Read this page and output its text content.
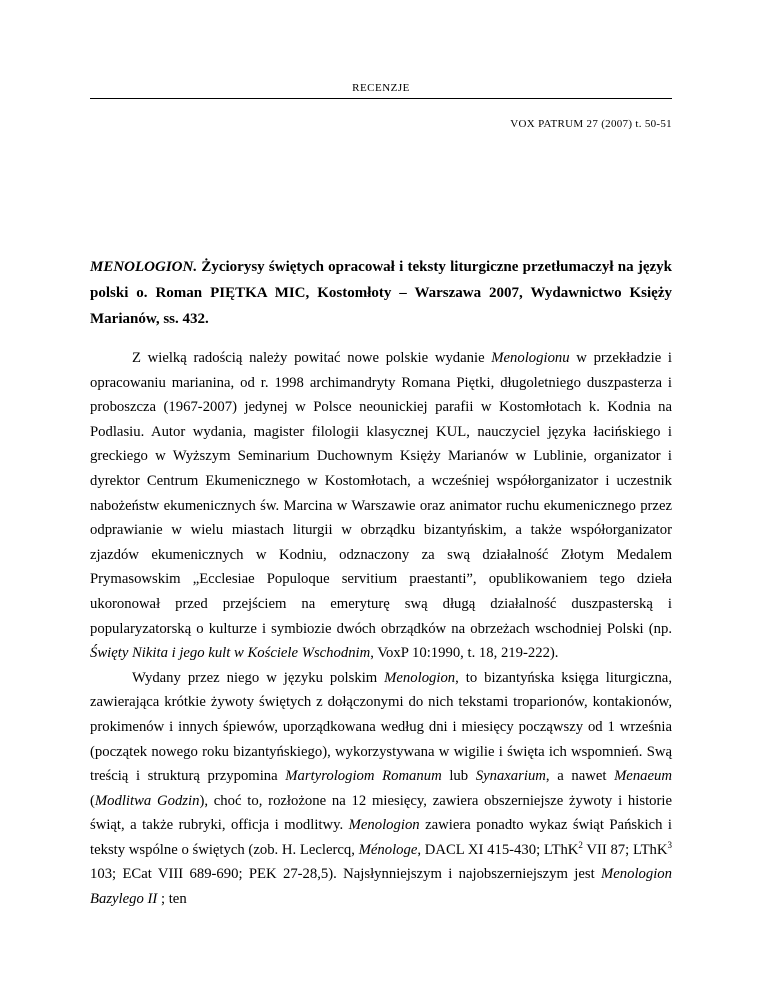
RECENZJE
VOX PATRUM 27 (2007) t. 50-51
MENOLOGION. Życiorysy świętych opracował i teksty liturgiczne przetłumaczył na język polski o. Roman PIĘTKA MIC, Kostomłoty – Warszawa 2007, Wydawnictwo Księży Marianów, ss. 432.

Z wielką radością należy powitać nowe polskie wydanie Menologionu w przekładzie i opracowaniu marianina, od r. 1998 archimandryty Romana Piętki, długoletniego duszpasterza i proboszcza (1967-2007) jedynej w Polsce neounickiej parafii w Kostomłotach k. Kodnia na Podlasiu. Autor wydania, magister filologii klasycznej KUL, nauczyciel języka łacińskiego i greckiego w Wyższym Seminarium Duchownym Księży Marianów w Lublinie, organizator i dyrektor Centrum Ekumenicznego w Kostomłotach, a wcześniej współorganizator i uczestnik nabożeństw ekumenicznych św. Marcina w Warszawie oraz animator ruchu ekumenicznego przez odprawianie w wielu miastach liturgii w obrządku bizantyńskim, a także współorganizator zjazdów ekumenicznych w Kodniu, odznaczony za swą działalność Złotym Medalem Prymasowskim „Ecclesiae Populoque servitium praestanti”, opublikowaniem tego dzieła ukoronował przed przejściem na emeryturę swą długą działalność duszpasterską i popularyzatorską o kulturze i symbiozie dwóch obrządków na obrzeżach wschodniej Polski (np. Święty Nikita i jego kult w Kościele Wschodnim, VoxP 10:1990, t. 18, 219-222).

Wydany przez niego w języku polskim Menologion, to bizantyńska księga liturgiczna, zawierająca krótkie żywoty świętych z dołączonymi do nich tekstami troparionów, kontakionów, prokimenów i innych śpiewów, uporządkowana według dni i miesięcy począwszy od 1 września (początek nowego roku bizantyńskiego), wykorzystywana w wigilie i święta ich wspomnień. Swą treścią i strukturą przypomina Martyrologiom Romanum lub Synaxarium, a nawet Menaeum (Modlitwa Godzin), choć to, rozłożone na 12 miesięcy, zawiera obszerniejsze żywoty i historie świąt, a także rubryki, officja i modlitwy. Menologion zawiera ponadto wykaz świąt Pańskich i teksty wspólne o świętych (zob. H. Leclercq, Ménologe, DACL XI 415-430; LThK$^2$ VII 87; LThK$^3$ 103; ECat VIII 689-690; PEK 27-28,5). Najsłynniejszym i najobszerniejszym jest Menologion Bazylego II ; ten
